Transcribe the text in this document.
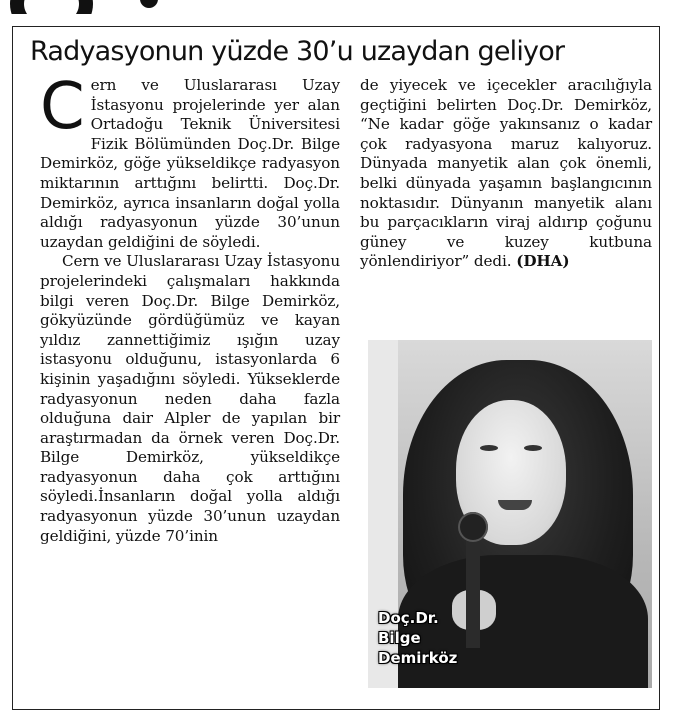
Radyasyonun yüzde 30’u uzaydan geliyor

Cern ve Uluslararası Uzay İstasyonu projelerinde yer alan Ortadoğu Teknik Üniversitesi Fizik Bölümünden Doç.Dr. Bilge Demirköz, göğe yükseldikçe radyasyon miktarının arttığını belirtti. Doç.Dr. Demirköz, ayrıca insanların doğal yolla aldığı radyasyonun yüzde 30’unun uzaydan geldiğini de söyledi.

Cern ve Uluslararası Uzay İstasyonu projelerindeki çalışmaları hakkında bilgi veren Doç.Dr. Bilge Demirköz, gökyüzünde gördüğümüz ve kayan yıldız zannettiğimiz ışığın uzay istasyonu olduğunu, istasyonlarda 6 kişinin yaşadığını söyledi. Yükseklerde radyasyonun neden daha fazla olduğuna dair Alpler de yapılan bir araştırmadan da örnek veren Doç.Dr. Bilge Demirköz, yükseldikçe radyasyonun daha çok arttığını söyledi.İnsanların doğal yolla aldığı radyasyonun yüzde 30’unun uzaydan geldiğini, yüzde 70’inin

de yiyecek ve içecekler aracılığıyla geçtiğini belirten Doç.Dr. Demirköz, “Ne kadar göğe yakınsanız o kadar çok radyasyona maruz kalıyoruz. Dünyada manyetik alan çok önemli, belki dünyada yaşamın başlangıcının noktasıdır. Dünyanın manyetik alanı bu parçacıkların viraj aldırıp çoğunu güney ve kuzey kutbuna yönlendiriyor” dedi. (DHA)

Doç.Dr.
Bilge
Demirköz
